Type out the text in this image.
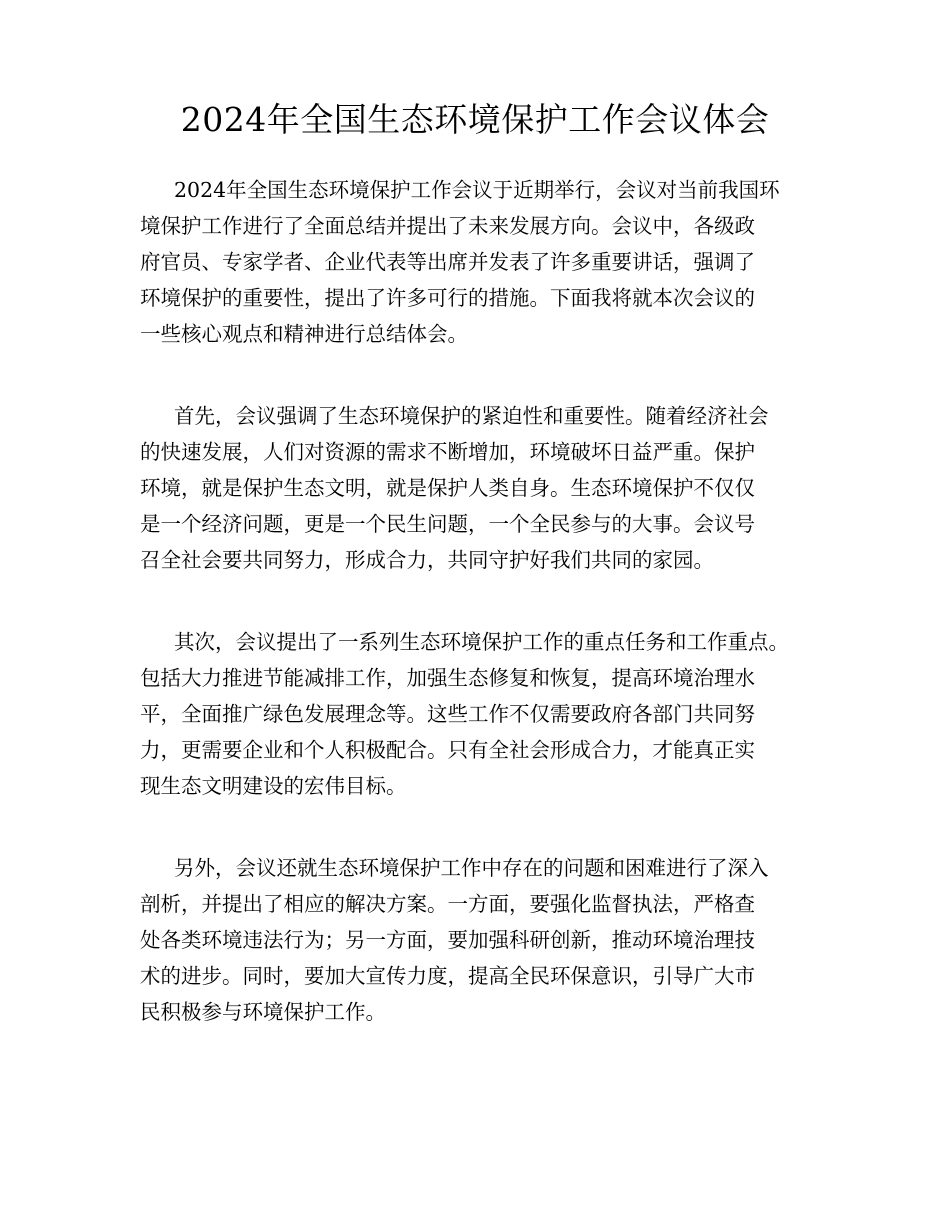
2024年全国生态环境保护工作会议体会
2024年全国生态环境保护工作会议于近期举行，会议对当前我国环
境保护工作进行了全面总结并提出了未来发展方向。会议中，各级政
府官员、专家学者、企业代表等出席并发表了许多重要讲话，强调了
环境保护的重要性，提出了许多可行的措施。下面我将就本次会议的
一些核心观点和精神进行总结体会。
首先，会议强调了生态环境保护的紧迫性和重要性。随着经济社会
的快速发展，人们对资源的需求不断增加，环境破坏日益严重。保护
环境，就是保护生态文明，就是保护人类自身。生态环境保护不仅仅
是一个经济问题，更是一个民生问题，一个全民参与的大事。会议号
召全社会要共同努力，形成合力，共同守护好我们共同的家园。
其次，会议提出了一系列生态环境保护工作的重点任务和工作重点。
包括大力推进节能减排工作，加强生态修复和恢复，提高环境治理水
平，全面推广绿色发展理念等。这些工作不仅需要政府各部门共同努
力，更需要企业和个人积极配合。只有全社会形成合力，才能真正实
现生态文明建设的宏伟目标。
另外，会议还就生态环境保护工作中存在的问题和困难进行了深入
剖析，并提出了相应的解决方案。一方面，要强化监督执法，严格查
处各类环境违法行为；另一方面，要加强科研创新，推动环境治理技
术的进步。同时，要加大宣传力度，提高全民环保意识，引导广大市
民积极参与环境保护工作。
